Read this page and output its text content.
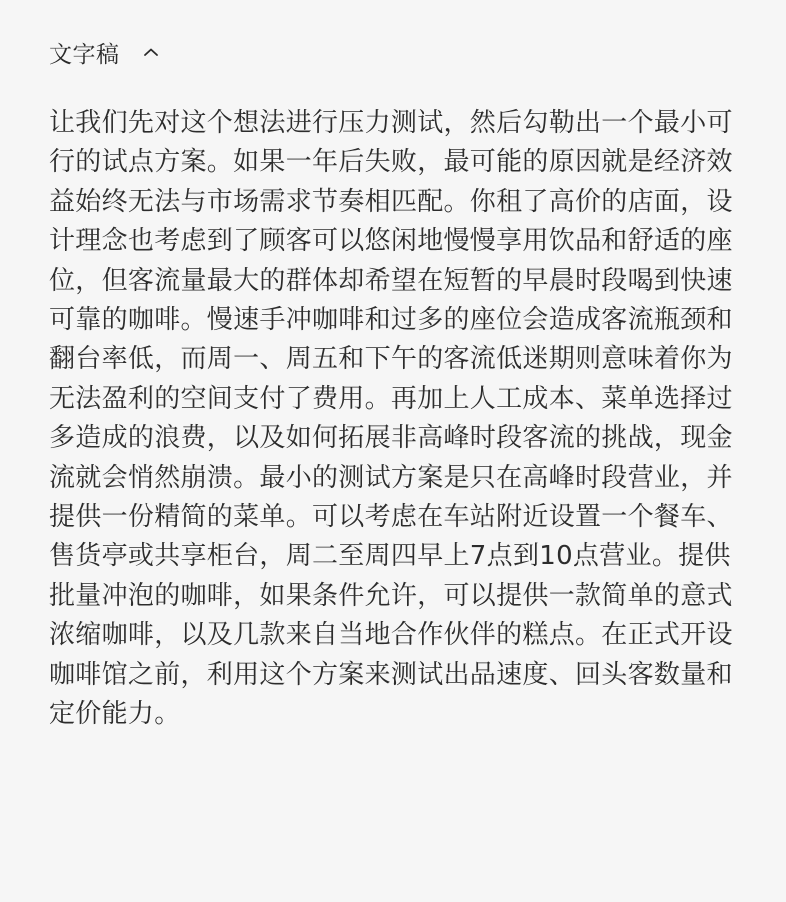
文字稿
让我们先对这个想法进行压力测试，然后勾勒出一个最小可行的试点方案。如果一年后失败，最可能的原因就是经济效益始终无法与市场需求节奏相匹配。你租了高价的店面，设计理念也考虑到了顾客可以悠闲地慢慢享用饮品和舒适的座位，但客流量最大的群体却希望在短暂的早晨时段喝到快速可靠的咖啡。慢速手冲咖啡和过多的座位会造成客流瓶颈和翻台率低，而周一、周五和下午的客流低迷期则意味着你为无法盈利的空间支付了费用。再加上人工成本、菜单选择过多造成的浪费，以及如何拓展非高峰时段客流的挑战，现金流就会悄然崩溃。最小的测试方案是只在高峰时段营业，并提供一份精简的菜单。可以考虑在车站附近设置一个餐车、售货亭或共享柜台，周二至周四早上7点到10点营业。提供批量冲泡的咖啡，如果条件允许，可以提供一款简单的意式浓缩咖啡，以及几款来自当地合作伙伴的糕点。在正式开设咖啡馆之前，利用这个方案来测试出品速度、回头客数量和定价能力。
